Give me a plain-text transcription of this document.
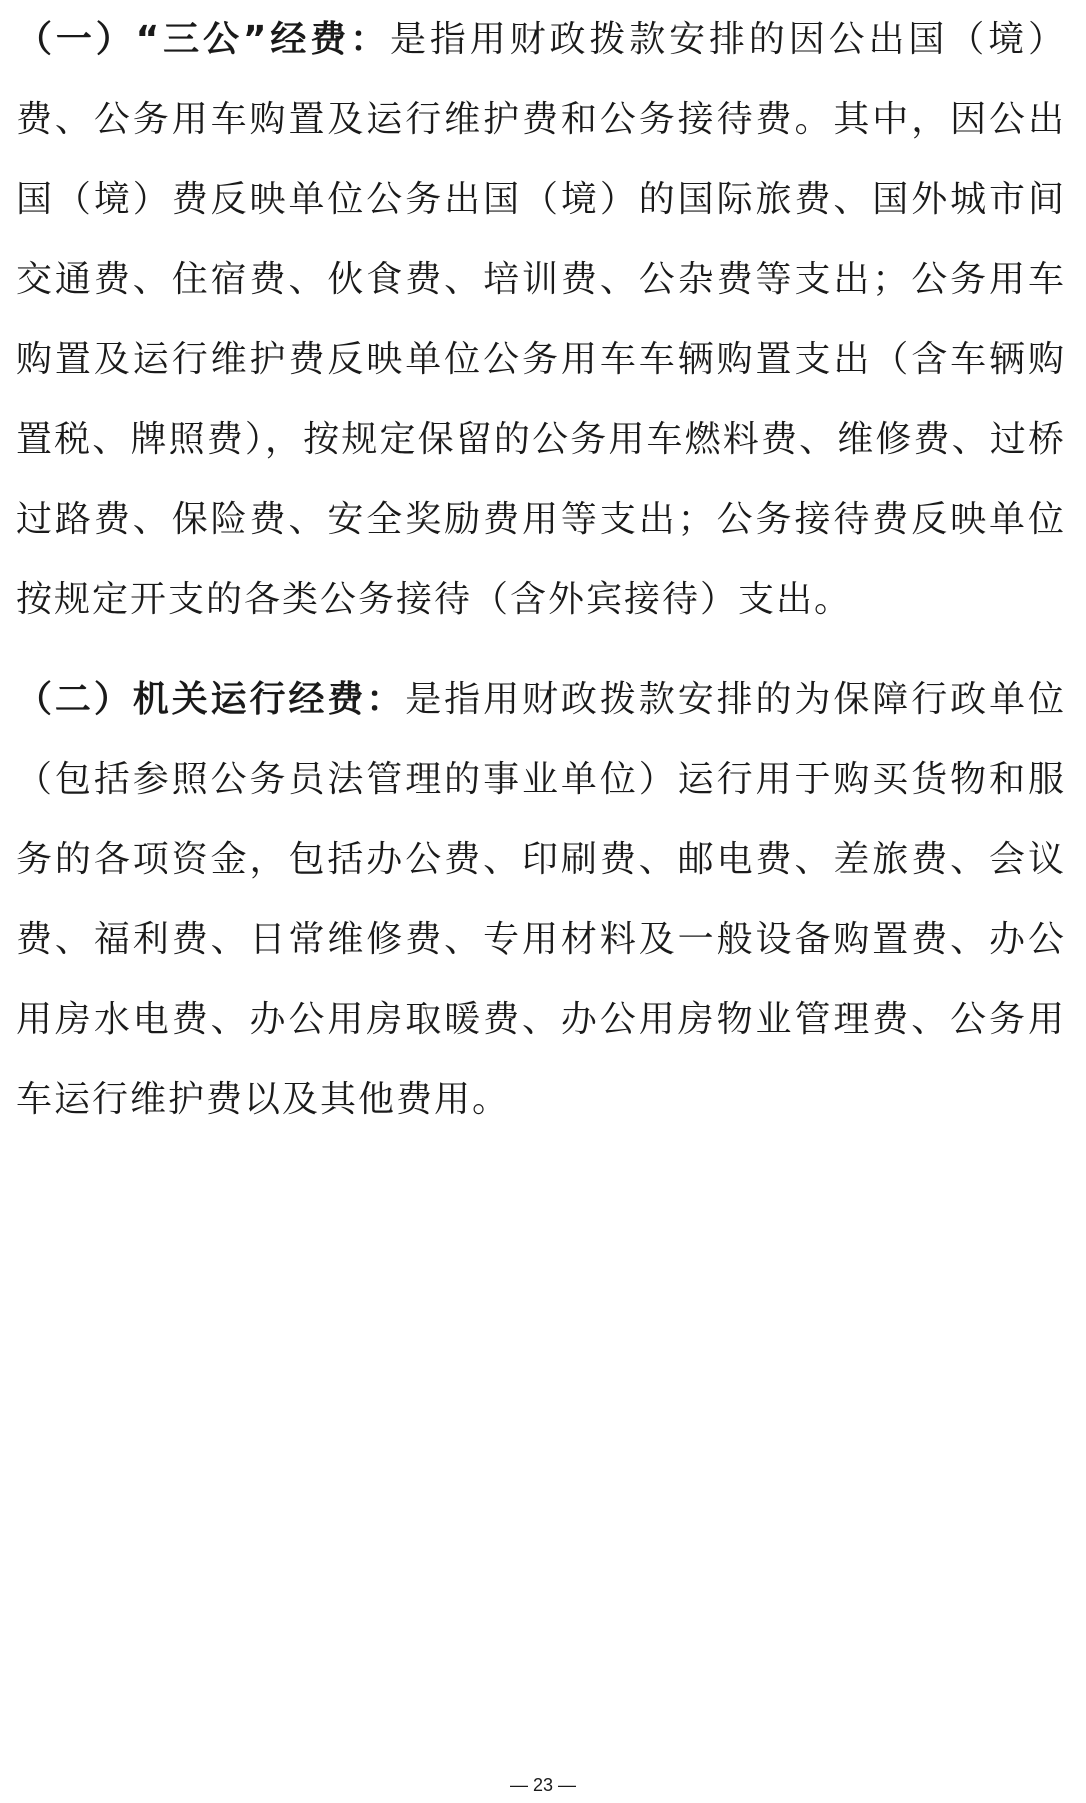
（一）“三公”经费：是指用财政拨款安排的因公出国（境）费、公务用车购置及运行维护费和公务接待费。其中，因公出国（境）费反映单位公务出国（境）的国际旅费、国外城市间交通费、住宿费、伙食费、培训费、公杂费等支出；公务用车购置及运行维护费反映单位公务用车车辆购置支出（含车辆购置税、牌照费），按规定保留的公务用车燃料费、维修费、过桥过路费、保险费、安全奖励费用等支出；公务接待费反映单位按规定开支的各类公务接待（含外宾接待）支出。

（二）机关运行经费：是指用财政拨款安排的为保障行政单位（包括参照公务员法管理的事业单位）运行用于购买货物和服务的各项资金，包括办公费、印刷费、邮电费、差旅费、会议费、福利费、日常维修费、专用材料及一般设备购置费、办公用房水电费、办公用房取暖费、办公用房物业管理费、公务用车运行维护费以及其他费用。

— 23 —
